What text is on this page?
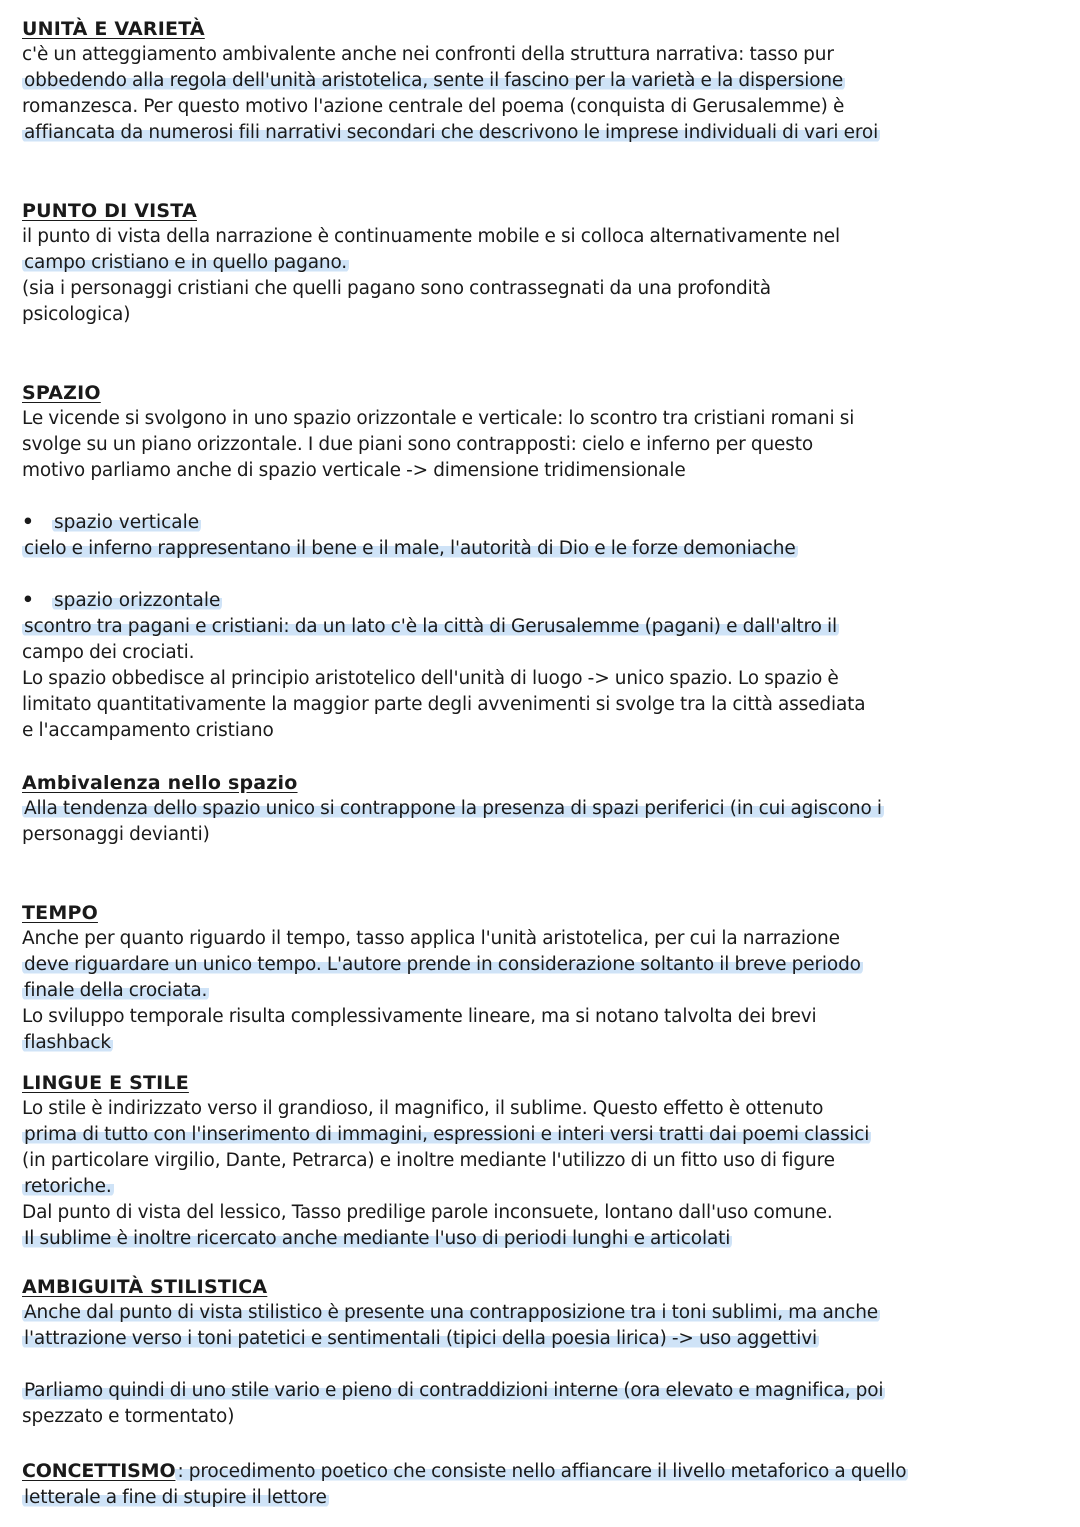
UNITÀ E VARIETÀ

c'è un atteggiamento ambivalente anche nei confronti della struttura narrativa: tasso pur

obbedendo alla regola dell'unità aristotelica, sente il fascino per la varietà e la dispersione

romanzesca. Per questo motivo l'azione centrale del poema (conquista di Gerusalemme) è

affiancata da numerosi fili narrativi secondari che descrivono le imprese individuali di vari eroi

PUNTO DI VISTA

il punto di vista della narrazione è continuamente mobile e si colloca alternativamente nel

campo cristiano e in quello pagano.

(sia i personaggi cristiani che quelli pagano sono contrassegnati da una profondità

psicologica)

SPAZIO

Le vicende si svolgono in uno spazio orizzontale e verticale: lo scontro tra cristiani romani si

svolge su un piano orizzontale. I due piani sono contrapposti: cielo e inferno per questo

motivo parliamo anche di spazio verticale -> dimensione tridimensionale

• spazio verticale

cielo e inferno rappresentano il bene e il male, l'autorità di Dio e le forze demoniache

• spazio orizzontale

scontro tra pagani e cristiani: da un lato c'è la città di Gerusalemme (pagani) e dall'altro il

campo dei crociati.

Lo spazio obbedisce al principio aristotelico dell'unità di luogo -> unico spazio. Lo spazio è

limitato quantitativamente la maggior parte degli avvenimenti si svolge tra la città assediata

e l'accampamento cristiano

Ambivalenza nello spazio

Alla tendenza dello spazio unico si contrappone la presenza di spazi periferici (in cui agiscono i

personaggi devianti)

TEMPO

Anche per quanto riguardo il tempo, tasso applica l'unità aristotelica, per cui la narrazione

deve riguardare un unico tempo. L'autore prende in considerazione soltanto il breve periodo

finale della crociata.

Lo sviluppo temporale risulta complessivamente lineare, ma si notano talvolta dei brevi

flashback

LINGUE E STILE

Lo stile è indirizzato verso il grandioso, il magnifico, il sublime. Questo effetto è ottenuto

prima di tutto con l'inserimento di immagini, espressioni e interi versi tratti dai poemi classici

(in particolare virgilio, Dante, Petrarca) e inoltre mediante l'utilizzo di un fitto uso di figure

retoriche.

Dal punto di vista del lessico, Tasso predilige parole inconsuete, lontano dall'uso comune.

Il sublime è inoltre ricercato anche mediante l'uso di periodi lunghi e articolati

AMBIGUITÀ STILISTICA

Anche dal punto di vista stilistico è presente una contrapposizione tra i toni sublimi, ma anche

l'attrazione verso i toni patetici e sentimentali (tipici della poesia lirica) -> uso aggettivi

Parliamo quindi di uno stile vario e pieno di contraddizioni interne (ora elevato e magnifica, poi

spezzato e tormentato)

CONCETTISMO : procedimento poetico che consiste nello affiancare il livello metaforico a quello

letterale a fine di stupire il lettore
